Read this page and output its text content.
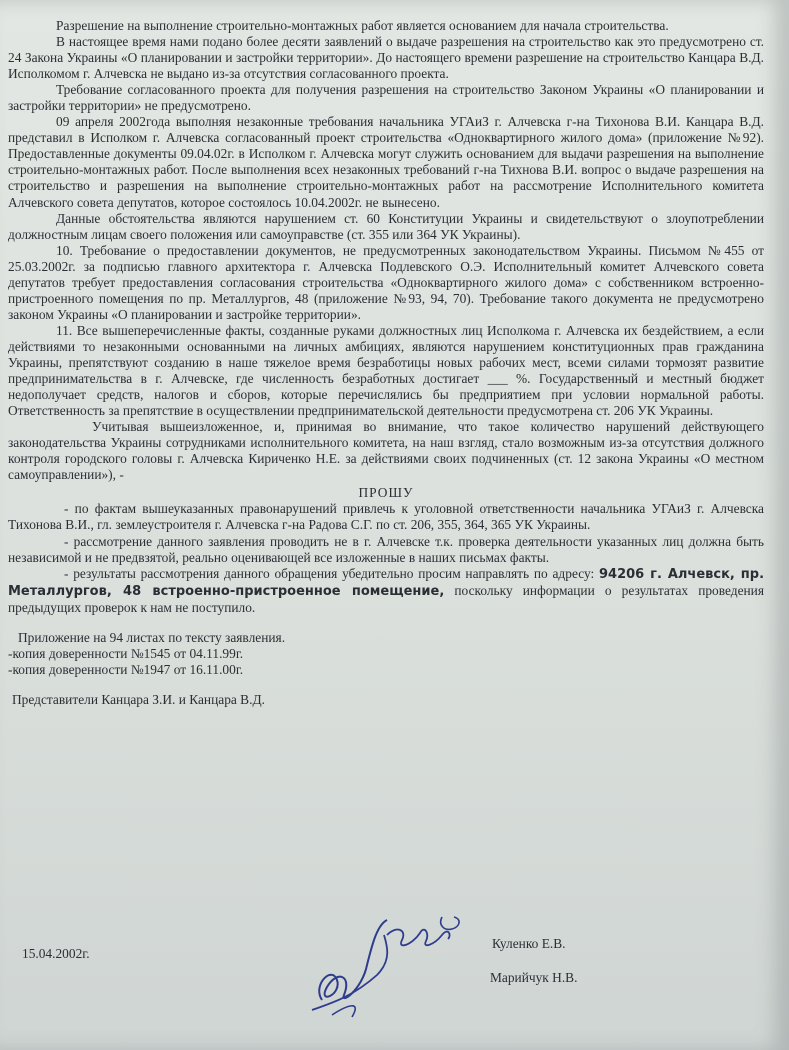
Разрешение на выполнение строительно-монтажных работ является основанием для начала строительства.

В настоящее время нами подано более десяти заявлений о выдаче разрешения на строительство как это предусмотрено ст. 24 Закона Украины «О планировании и застройки территории». До настоящего времени разрешение на строительство Канцара В.Д. Исполкомом г. Алчевска не выдано из-за отсутствия согласованного проекта.

Требование согласованного проекта для получения разрешения на строительство Законом Украины «О планировании и застройки территории» не предусмотрено.

09 апреля 2002года выполняя незаконные требования начальника УГАиЗ г. Алчевска г-на Тихонова В.И. Канцара В.Д. представил в Исполком г. Алчевска согласованный проект строительства «Одноквартирного жилого дома» (приложение №92). Предоставленные документы 09.04.02г. в Исполком г. Алчевска могут служить основанием для выдачи разрешения на выполнение строительно-монтажных работ. После выполнения всех незаконных требований г-на Тихнова В.И. вопрос о выдаче разрешения на строительство и разрешения на выполнение строительно-монтажных работ на рассмотрение Исполнительного комитета Алчевского совета депутатов, которое состоялось 10.04.2002г. не вынесено.

Данные обстоятельства являются нарушением ст. 60 Конституции Украины и свидетельствуют о злоупотреблении должностным лицам своего положения или самоуправстве (ст. 355 или 364 УК Украины).

10. Требование о предоставлении документов, не предусмотренных законодательством Украины. Письмом №455 от 25.03.2002г. за подписью главного архитектора г. Алчевска Подлевского О.Э. Исполнительный комитет Алчевского совета депутатов требует предоставления согласования строительства «Одноквартирного жилого дома» с собственником встроенно-пристроенного помещения по пр. Металлургов, 48 (приложение №93, 94, 70). Требование такого документа не предусмотрено законом Украины «О планировании и застройке территории».

11. Все вышеперечисленные факты, созданные руками должностных лиц Исполкома г. Алчевска их бездействием, а если действиями то незаконными основанными на личных амбициях, являются нарушением конституционных прав гражданина Украины, препятствуют созданию в наше тяжелое время безработицы новых рабочих мест, всеми силами тормозят развитие предпринимательства в г. Алчевске, где численность безработных достигает ___ %. Государственный и местный бюджет недополучает средств, налогов и сборов, которые перечислялись бы предприятием при условии нормальной работы. Ответственность за препятствие в осуществлении предпринимательской деятельности предусмотрена ст. 206 УК Украины.

Учитывая вышеизложенное, и, принимая во внимание, что такое количество нарушений действующего законодательства Украины сотрудниками исполнительного комитета, на наш взгляд, стало возможным из-за отсутствия должного контроля городского головы г. Алчевска Кириченко Н.Е. за действиями своих подчиненных (ст. 12 закона Украины «О местном самоуправлении»), -

ПРОШУ

- по фактам вышеуказанных правонарушений привлечь к уголовной ответственности начальника УГАиЗ г. Алчевска Тихонова В.И., гл. землеустроителя г. Алчевска г-на Радова С.Г. по ст. 206, 355, 364, 365 УК Украины.

- рассмотрение данного заявления проводить не в г. Алчевске т.к. проверка деятельности указанных лиц должна быть независимой и не предвзятой, реально оценивающей все изложенные в наших письмах факты.

- результаты рассмотрения данного обращения убедительно просим направлять по адресу: 94206 г. Алчевск, пр. Металлургов, 48 встроенно-пристроенное помещение, поскольку информации о результатах проведения предыдущих проверок к нам не поступило.

Приложение на 94 листах по тексту заявления.

-копия доверенности №1545 от 04.11.99г.

-копия доверенности №1947 от 16.11.00г.

Представители Канцара З.И. и Канцара В.Д.

15.04.2002г.
Куленко Е.В.
Марийчук Н.В.
